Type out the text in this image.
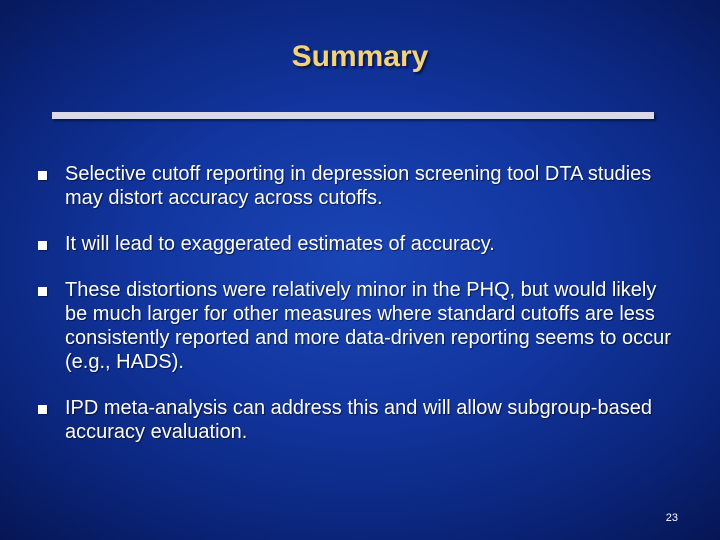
Summary
Selective cutoff reporting in depression screening tool DTA studies may distort accuracy across cutoffs.
It will lead to exaggerated estimates of accuracy.
These distortions were relatively minor in the PHQ, but would likely be much larger for other measures where standard cutoffs are less consistently reported and more data-driven reporting seems to occur (e.g., HADS).
IPD meta-analysis can address this and will allow subgroup-based accuracy evaluation.
23
